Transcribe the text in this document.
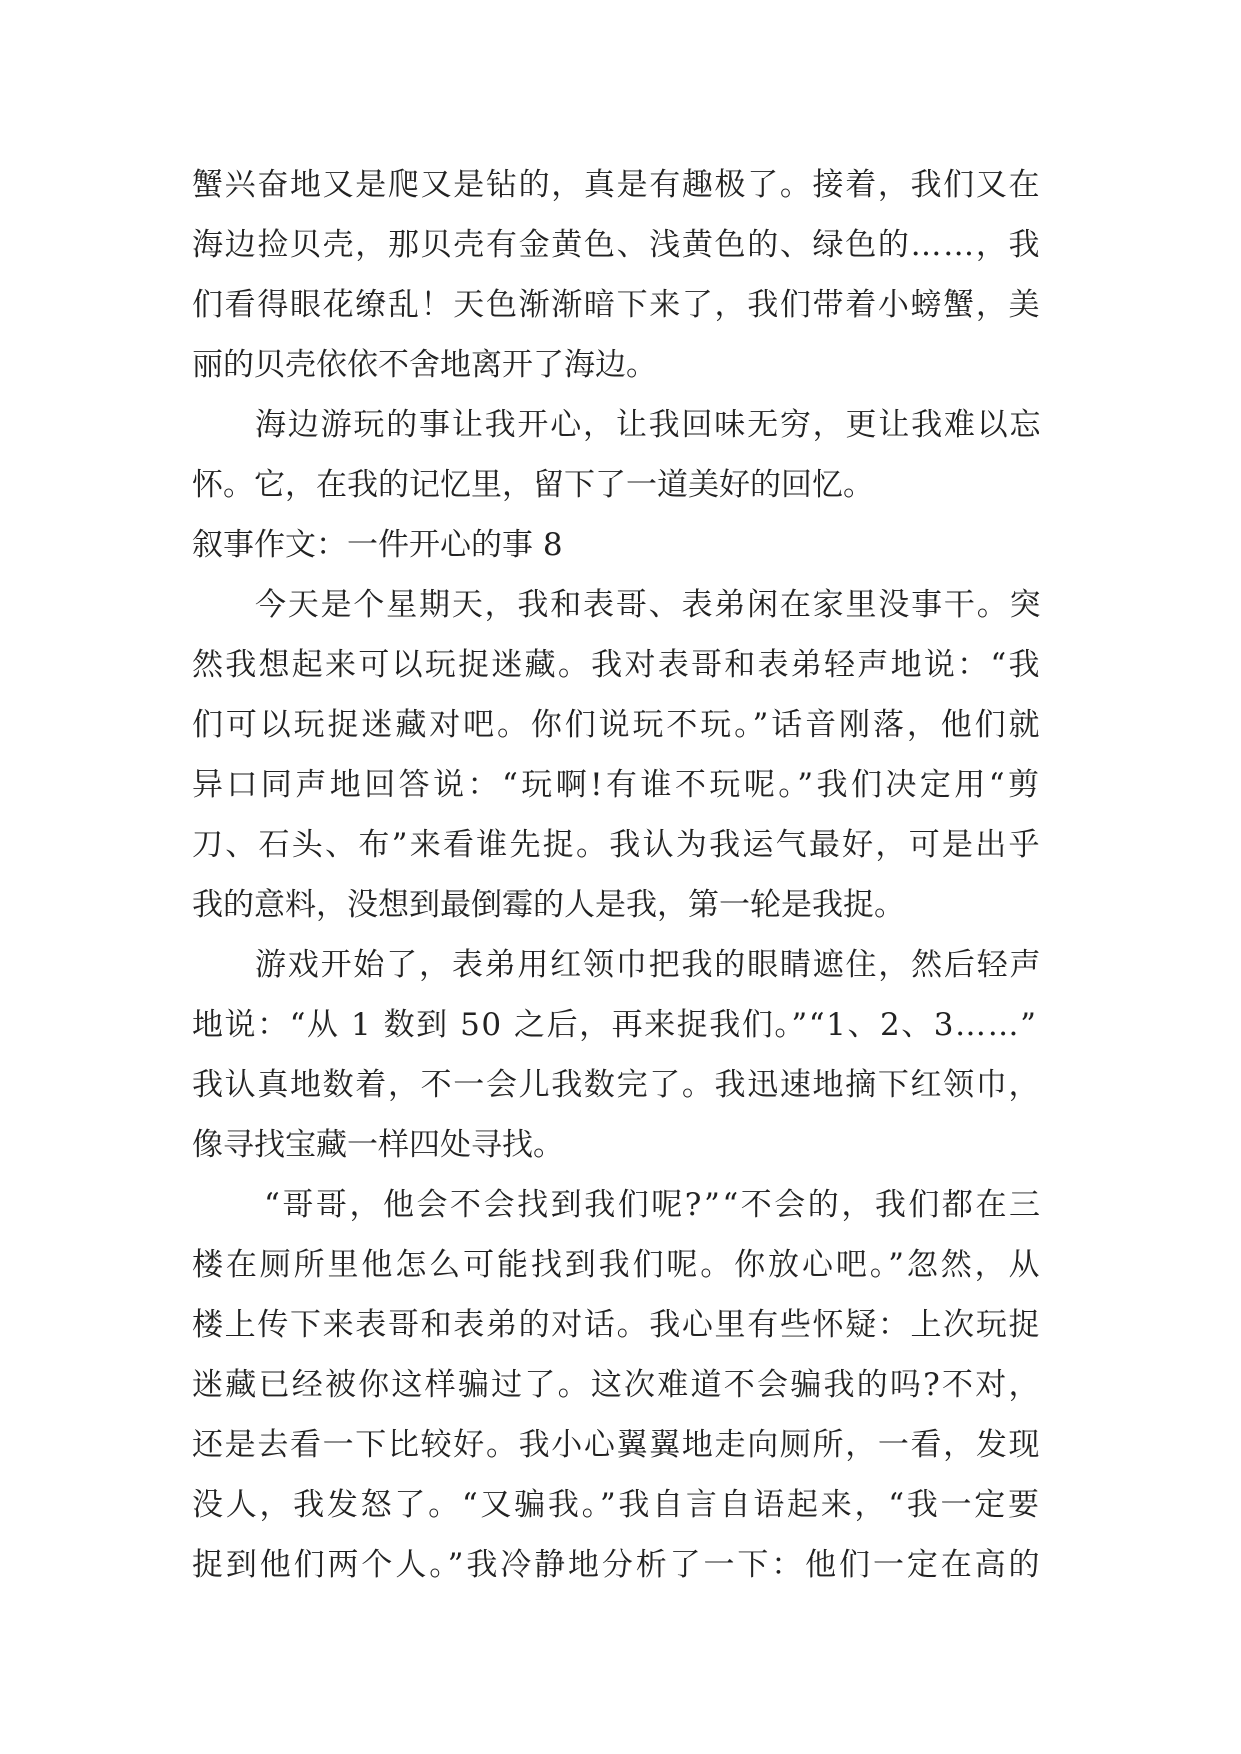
蟹兴奋地又是爬又是钻的，真是有趣极了。接着，我们又在
海边捡贝壳，那贝壳有金黄色、浅黄色的、绿色的……，我
们看得眼花缭乱！天色渐渐暗下来了，我们带着小螃蟹，美
丽的贝壳依依不舍地离开了海边。
海边游玩的事让我开心，让我回味无穷，更让我难以忘
怀。它，在我的记忆里，留下了一道美好的回忆。
叙事作文：一件开心的事 8
今天是个星期天，我和表哥、表弟闲在家里没事干。突
然我想起来可以玩捉迷藏。我对表哥和表弟轻声地说：“我
们可以玩捉迷藏对吧。你们说玩不玩。”话音刚落，他们就
异口同声地回答说：“玩啊!有谁不玩呢。”我们决定用“剪
刀、石头、布”来看谁先捉。我认为我运气最好，可是出乎
我的意料，没想到最倒霉的人是我，第一轮是我捉。
游戏开始了，表弟用红领巾把我的眼睛遮住，然后轻声
地说：“从 1 数到 50 之后，再来捉我们。”“1、2、3……”
我认真地数着，不一会儿我数完了。我迅速地摘下红领巾，
像寻找宝藏一样四处寻找。
“哥哥，他会不会找到我们呢?”“不会的，我们都在三
楼在厕所里他怎么可能找到我们呢。你放心吧。”忽然，从
楼上传下来表哥和表弟的对话。我心里有些怀疑：上次玩捉
迷藏已经被你这样骗过了。这次难道不会骗我的吗?不对，
还是去看一下比较好。我小心翼翼地走向厕所，一看，发现
没人，我发怒了。“又骗我。”我自言自语起来，“我一定要
捉到他们两个人。”我冷静地分析了一下：他们一定在高的
